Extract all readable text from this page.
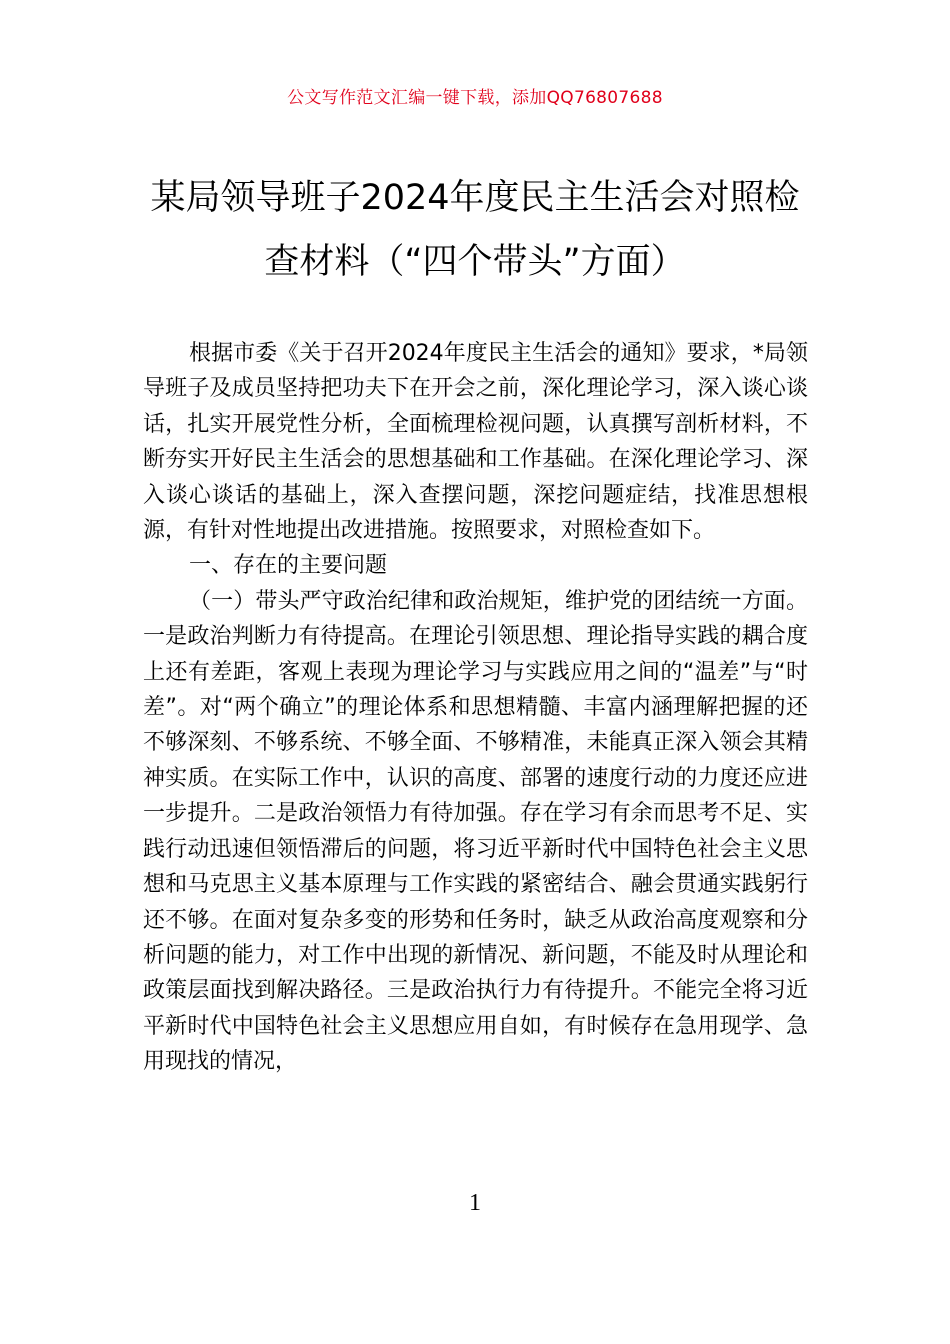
公文写作范文汇编一键下载，添加QQ76807688
某局领导班子2024年度民主生活会对照检
查材料（“四个带头”方面）

根据市委《关于召开2024年度民主生活会的通知》要求，*局领导班子及成员坚持把功夫下在开会之前，深化理论学习，深入谈心谈话，扎实开展党性分析，全面梳理检视问题，认真撰写剖析材料，不断夯实开好民主生活会的思想基础和工作基础。在深化理论学习、深入谈心谈话的基础上，深入查摆问题，深挖问题症结，找准思想根源，有针对性地提出改进措施。按照要求，对照检查如下。

一、存在的主要问题

（一）带头严守政治纪律和政治规矩，维护党的团结统一方面。一是政治判断力有待提高。在理论引领思想、理论指导实践的耦合度上还有差距，客观上表现为理论学习与实践应用之间的“温差”与“时差”。对“两个确立”的理论体系和思想精髓、丰富内涵理解把握的还不够深刻、不够系统、不够全面、不够精准，未能真正深入领会其精神实质。在实际工作中，认识的高度、部署的速度行动的力度还应进一步提升。二是政治领悟力有待加强。存在学习有余而思考不足、实践行动迅速但领悟滞后的问题，将习近平新时代中国特色社会主义思想和马克思主义基本原理与工作实践的紧密结合、融会贯通实践躬行还不够。在面对复杂多变的形势和任务时，缺乏从政治高度观察和分析问题的能力，对工作中出现的新情况、新问题，不能及时从理论和政策层面找到解决路径。三是政治执行力有待提升。不能完全将习近平新时代中国特色社会主义思想应用自如，有时候存在急用现学、急用现找的情况，

1
